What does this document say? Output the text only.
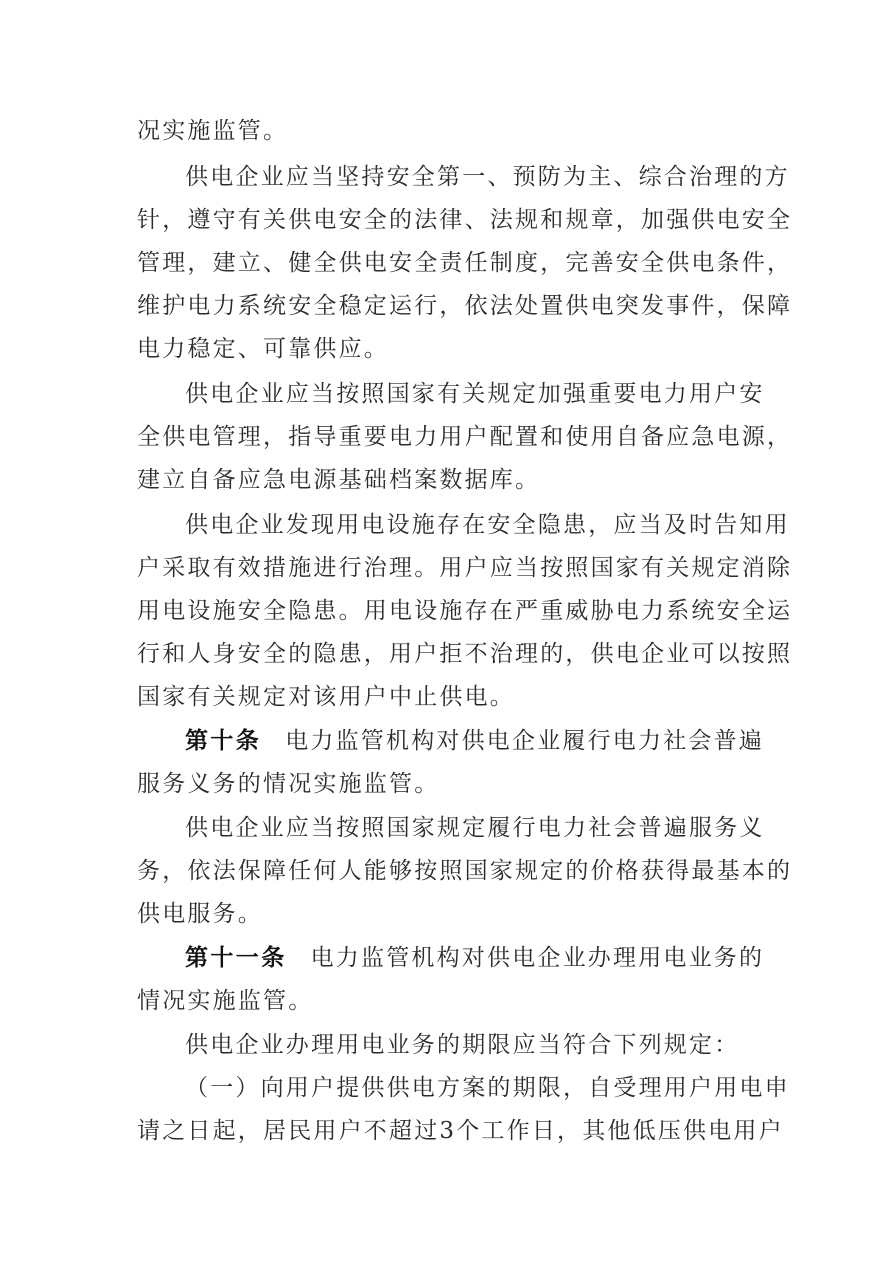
况实施监管。
供电企业应当坚持安全第一、预防为主、综合治理的方
针，遵守有关供电安全的法律、法规和规章，加强供电安全
管理，建立、健全供电安全责任制度，完善安全供电条件，
维护电力系统安全稳定运行，依法处置供电突发事件，保障
电力稳定、可靠供应。
供电企业应当按照国家有关规定加强重要电力用户安
全供电管理，指导重要电力用户配置和使用自备应急电源，
建立自备应急电源基础档案数据库。
供电企业发现用电设施存在安全隐患，应当及时告知用
户采取有效措施进行治理。用户应当按照国家有关规定消除
用电设施安全隐患。用电设施存在严重威胁电力系统安全运
行和人身安全的隐患，用户拒不治理的，供电企业可以按照
国家有关规定对该用户中止供电。
第十条 电力监管机构对供电企业履行电力社会普遍
服务义务的情况实施监管。
供电企业应当按照国家规定履行电力社会普遍服务义
务，依法保障任何人能够按照国家规定的价格获得最基本的
供电服务。
第十一条 电力监管机构对供电企业办理用电业务的
情况实施监管。
供电企业办理用电业务的期限应当符合下列规定：
（一）向用户提供供电方案的期限，自受理用户用电申
请之日起，居民用户不超过3个工作日，其他低压供电用户
